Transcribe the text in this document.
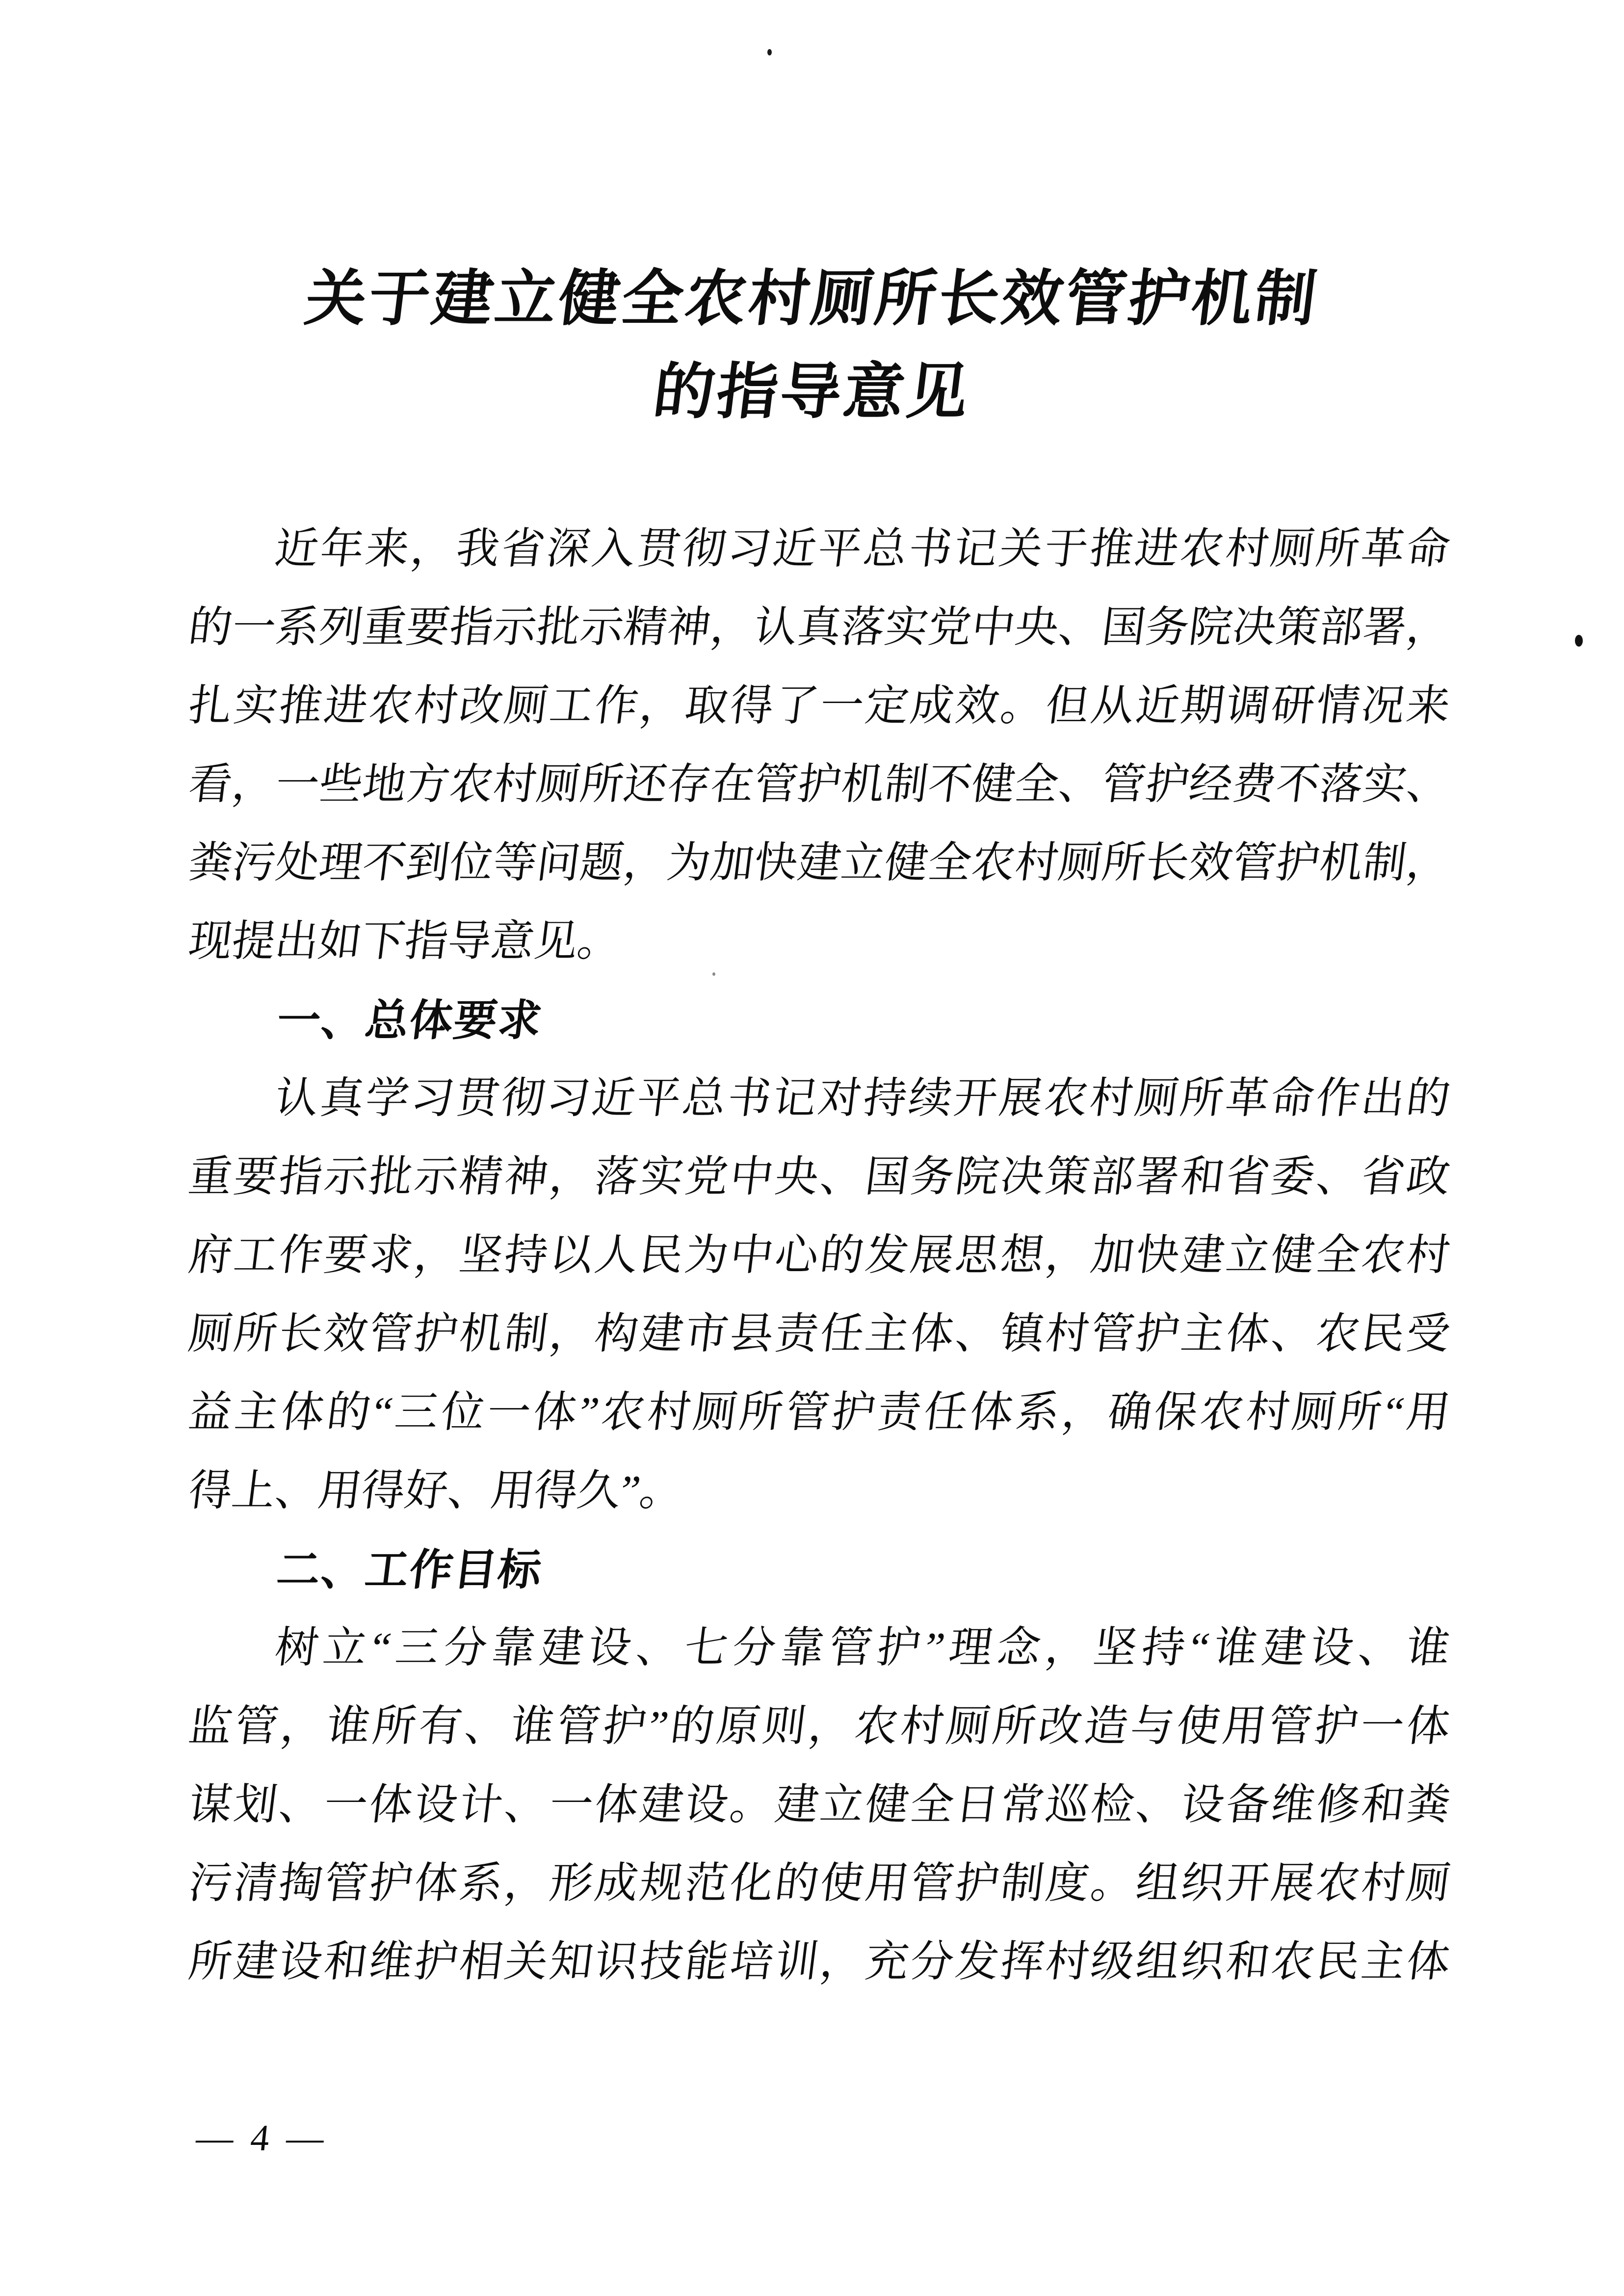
关于建立健全农村厕所长效管护机制
的指导意见
近年来，我省深入贯彻习近平总书记关于推进农村厕所革命
的一系列重要指示批示精神，认真落实党中央、国务院决策部署，
扎实推进农村改厕工作，取得了一定成效。但从近期调研情况来
看，一些地方农村厕所还存在管护机制不健全、管护经费不落实、
粪污处理不到位等问题，为加快建立健全农村厕所长效管护机制，
现提出如下指导意见。
一、总体要求
认真学习贯彻习近平总书记对持续开展农村厕所革命作出的
重要指示批示精神，落实党中央、国务院决策部署和省委、省政
府工作要求，坚持以人民为中心的发展思想，加快建立健全农村
厕所长效管护机制，构建市县责任主体、镇村管护主体、农民受
益主体的“三位一体”农村厕所管护责任体系，确保农村厕所“用
得上、用得好、用得久”。
二、工作目标
树立“三分靠建设、七分靠管护”理念，坚持“谁建设、谁
监管，谁所有、谁管护”的原则，农村厕所改造与使用管护一体
谋划、一体设计、一体建设。建立健全日常巡检、设备维修和粪
污清掏管护体系，形成规范化的使用管护制度。组织开展农村厕
所建设和维护相关知识技能培训，充分发挥村级组织和农民主体
— 4 —
